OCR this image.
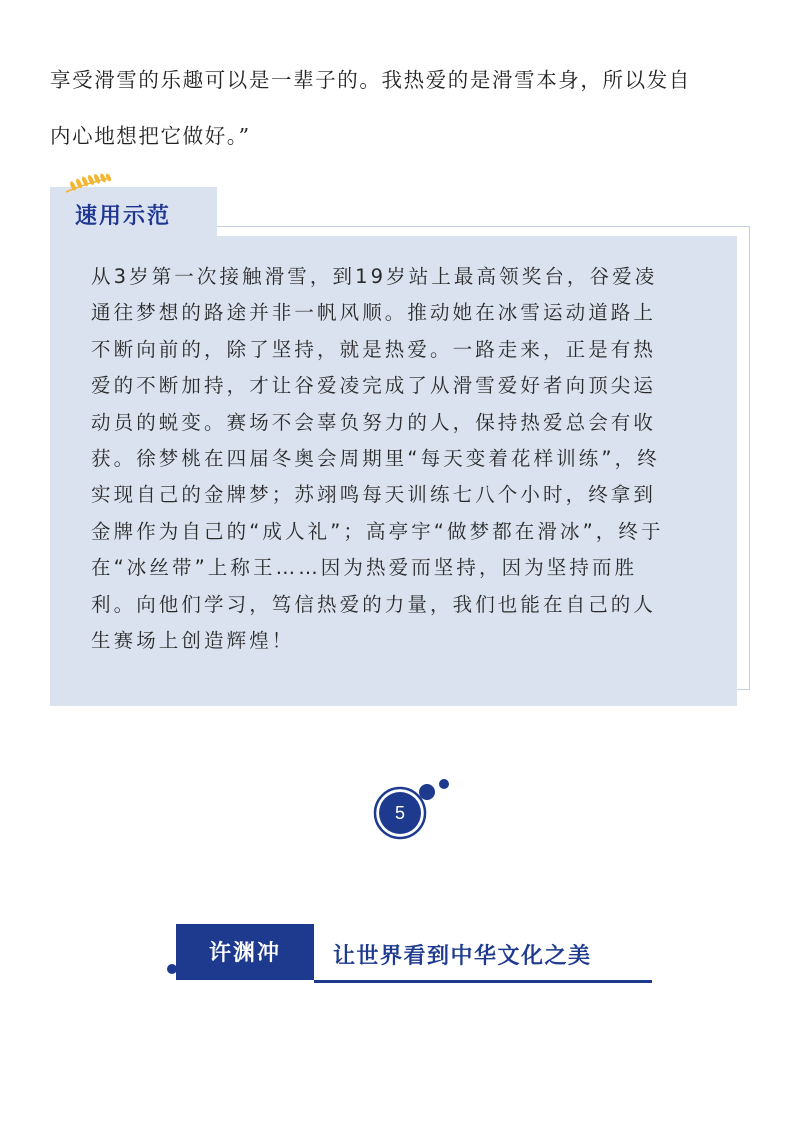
享受滑雪的乐趣可以是一辈子的。我热爱的是滑雪本身，所以发自
内心地想把它做好。”
速用示范
从3岁第一次接触滑雪，到19岁站上最高领奖台，谷爱凌
通往梦想的路途并非一帆风顺。推动她在冰雪运动道路上
不断向前的，除了坚持，就是热爱。一路走来，正是有热
爱的不断加持，才让谷爱凌完成了从滑雪爱好者向顶尖运
动员的蜕变。赛场不会辜负努力的人，保持热爱总会有收
获。徐梦桃在四届冬奥会周期里“每天变着花样训练”，终
实现自己的金牌梦；苏翊鸣每天训练七八个小时，终拿到
金牌作为自己的“成人礼”；高亭宇“做梦都在滑冰”，终于
在“冰丝带”上称王……因为热爱而坚持，因为坚持而胜
利。向他们学习，笃信热爱的力量，我们也能在自己的人
生赛场上创造辉煌！
5
许渊冲	让世界看到中华文化之美
